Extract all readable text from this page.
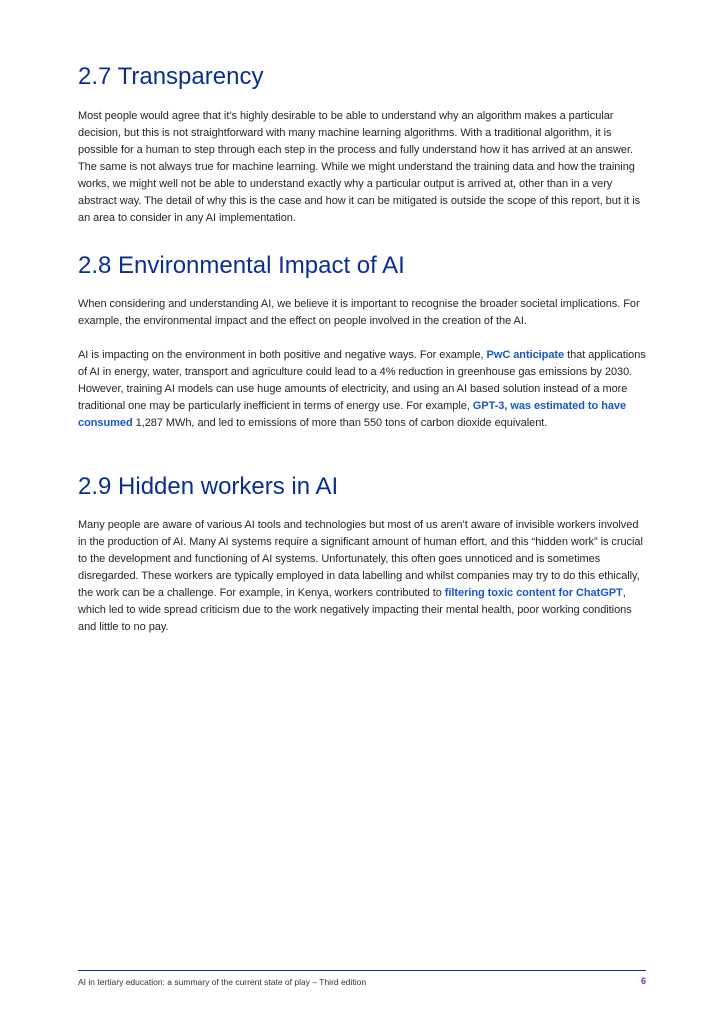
2.7 Transparency

Most people would agree that it’s highly desirable to be able to understand why an algorithm makes a particular decision, but this is not straightforward with many machine learning algorithms. With a traditional algorithm, it is possible for a human to step through each step in the process and fully understand how it has arrived at an answer. The same is not always true for machine learning. While we might understand the training data and how the training works, we might well not be able to understand exactly why a particular output is arrived at, other than in a very abstract way. The detail of why this is the case and how it can be mitigated is outside the scope of this report, but it is an area to consider in any AI implementation.

2.8 Environmental Impact of AI

When considering and understanding AI, we believe it is important to recognise the broader societal implications. For example, the environmental impact and the effect on people involved in the creation of the AI.

AI is impacting on the environment in both positive and negative ways. For example, PwC anticipate that applications of AI in energy, water, transport and agriculture could lead to a 4% reduction in greenhouse gas emissions by 2030. However, training AI models can use huge amounts of electricity, and using an AI based solution instead of a more traditional one may be particularly inefficient in terms of energy use. For example, GPT-3, was estimated to have consumed 1,287 MWh, and led to emissions of more than 550 tons of carbon dioxide equivalent.

2.9 Hidden workers in AI

Many people are aware of various AI tools and technologies but most of us aren’t aware of invisible workers involved in the production of AI. Many AI systems require a significant amount of human effort, and this “hidden work” is crucial to the development and functioning of AI systems. Unfortunately, this often goes unnoticed and is sometimes disregarded. These workers are typically employed in data labelling and whilst companies may try to do this ethically, the work can be a challenge. For example, in Kenya, workers contributed to filtering toxic content for ChatGPT, which led to wide spread criticism due to the work negatively impacting their mental health, poor working conditions and little to no pay.

AI in tertiary education: a summary of the current state of play – Third edition	6
